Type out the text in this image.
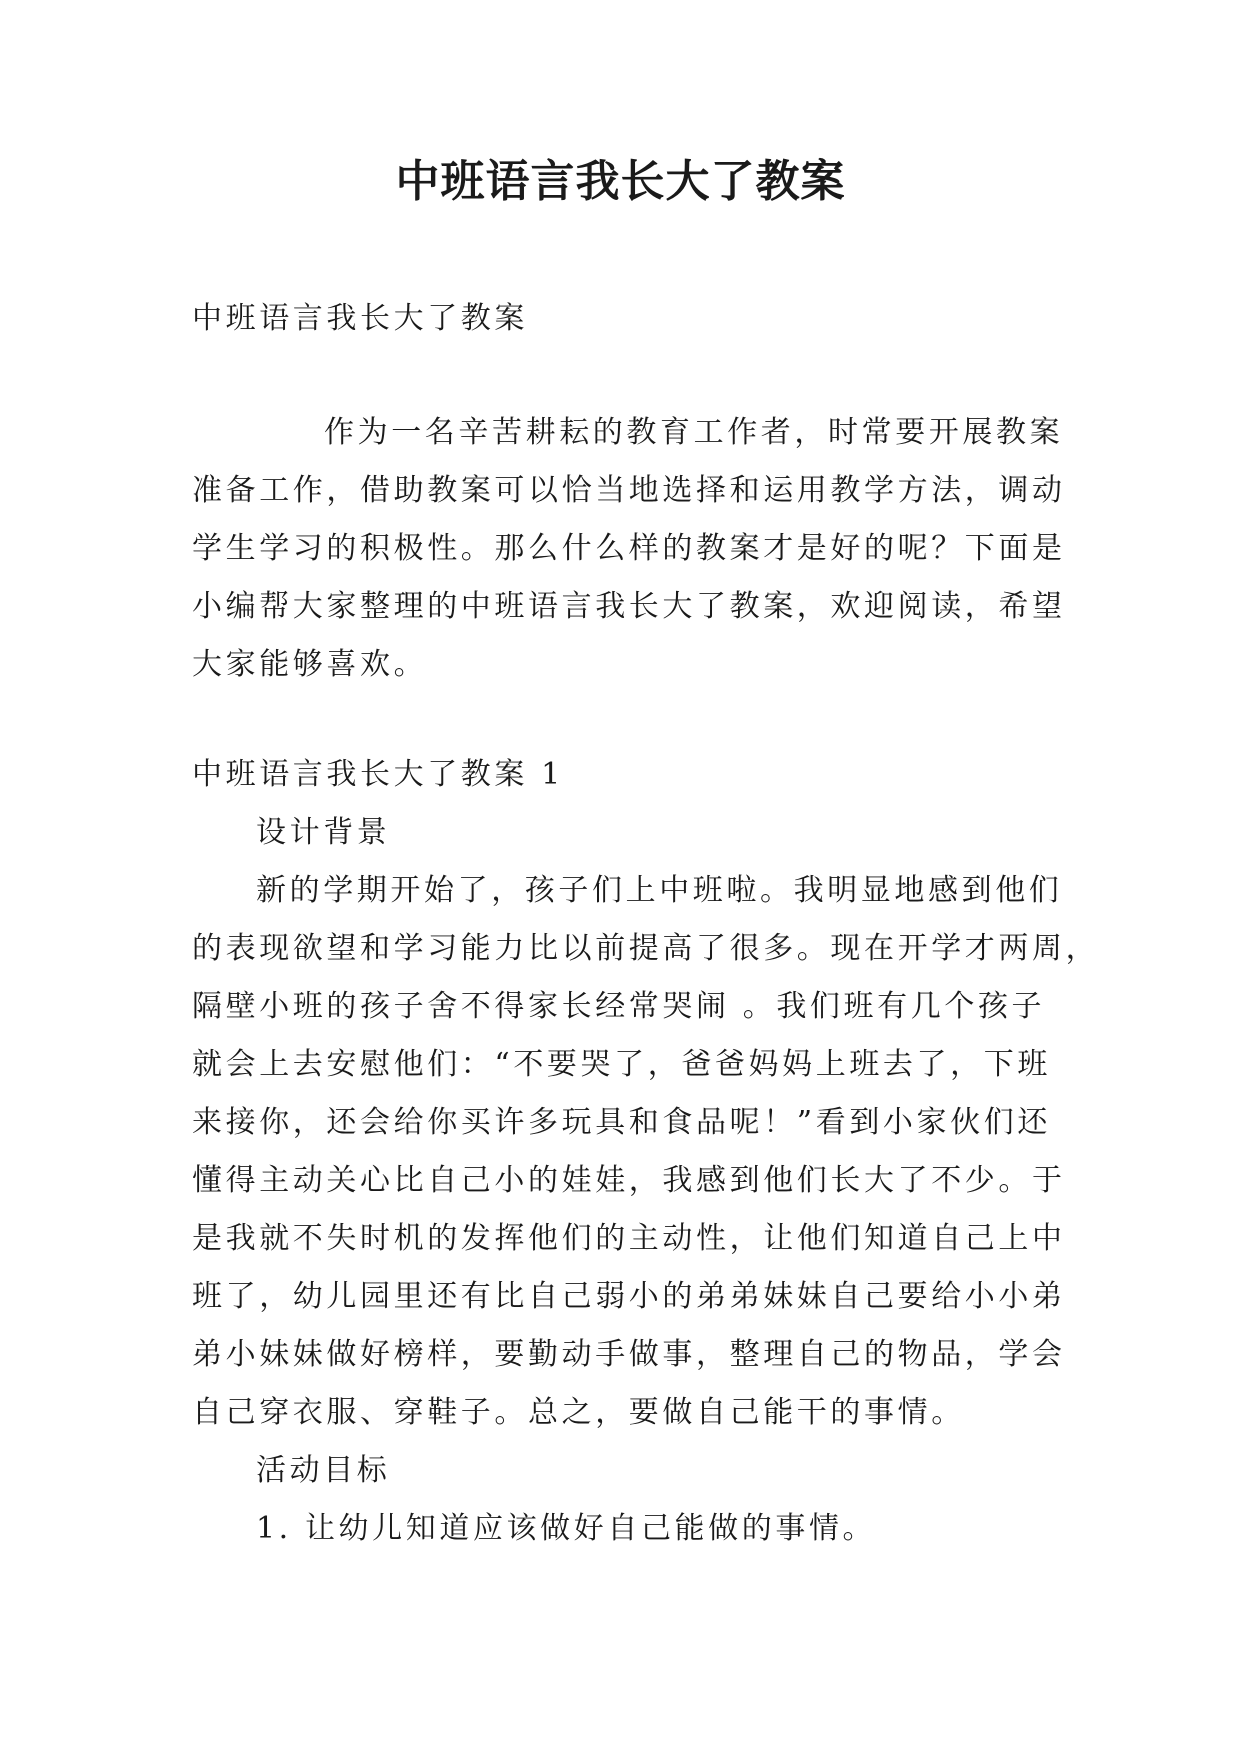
中班语言我长大了教案

中班语言我长大了教案

作为一名辛苦耕耘的教育工作者，时常要开展教案
准备工作，借助教案可以恰当地选择和运用教学方法，调动
学生学习的积极性。那么什么样的教案才是好的呢？下面是
小编帮大家整理的中班语言我长大了教案，欢迎阅读，希望
大家能够喜欢。
中班语言我长大了教案 1
设计背景
新的学期开始了，孩子们上中班啦。我明显地感到他们
的表现欲望和学习能力比以前提高了很多。现在开学才两周，
隔壁小班的孩子舍不得家长经常哭闹 。我们班有几个孩子
就会上去安慰他们：“不要哭了，爸爸妈妈上班去了，下班
来接你，还会给你买许多玩具和食品呢！”看到小家伙们还
懂得主动关心比自己小的娃娃，我感到他们长大了不少。于
是我就不失时机的发挥他们的主动性，让他们知道自己上中
班了，幼儿园里还有比自己弱小的弟弟妹妹自己要给小小弟
弟小妹妹做好榜样，要勤动手做事，整理自己的物品，学会
自己穿衣服、穿鞋子。总之，要做自己能干的事情。
活动目标
1. 让幼儿知道应该做好自己能做的事情。
